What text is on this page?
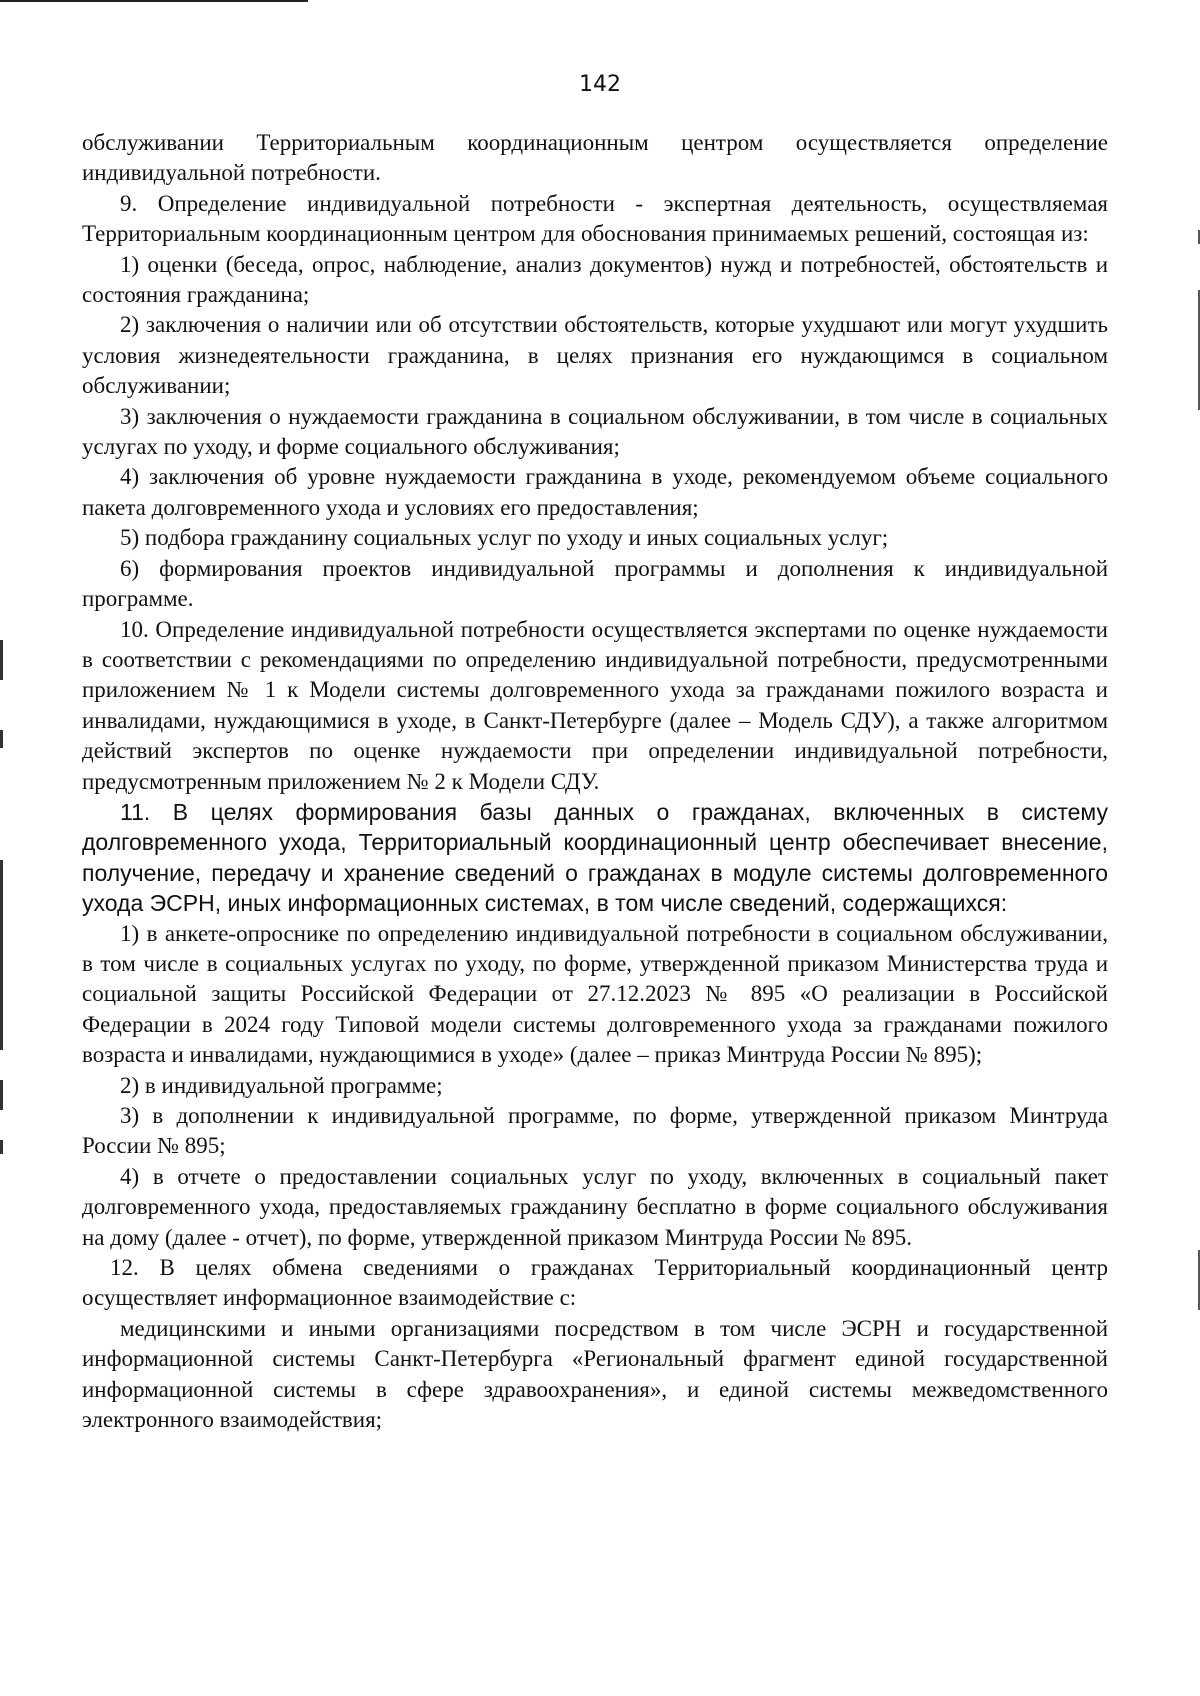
142

обслуживании Территориальным координационным центром осуществляется определение индивидуальной потребности.

9. Определение индивидуальной потребности - экспертная деятельность, осуществляемая Территориальным координационным центром для обоснования принимаемых решений, состоящая из:

1) оценки (беседа, опрос, наблюдение, анализ документов) нужд и потребностей, обстоятельств и состояния гражданина;

2) заключения о наличии или об отсутствии обстоятельств, которые ухудшают или могут ухудшить условия жизнедеятельности гражданина, в целях признания его нуждающимся в социальном обслуживании;

3) заключения о нуждаемости гражданина в социальном обслуживании, в том числе в социальных услугах по уходу, и форме социального обслуживания;

4) заключения об уровне нуждаемости гражданина в уходе, рекомендуемом объеме социального пакета долговременного ухода и условиях его предоставления;

5) подбора гражданину социальных услуг по уходу и иных социальных услуг;

6) формирования проектов индивидуальной программы и дополнения к индивидуальной программе.

10. Определение индивидуальной потребности осуществляется экспертами по оценке нуждаемости в соответствии с рекомендациями по определению индивидуальной потребности, предусмотренными приложением № 1 к Модели системы долговременного ухода за гражданами пожилого возраста и инвалидами, нуждающимися в уходе, в Санкт-Петербурге (далее – Модель СДУ), а также алгоритмом действий экспертов по оценке нуждаемости при определении индивидуальной потребности, предусмотренным приложением № 2 к Модели СДУ.

11. В целях формирования базы данных о гражданах, включенных в систему долговременного ухода, Территориальный координационный центр обеспечивает внесение, получение, передачу и хранение сведений о гражданах в модуле системы долговременного ухода ЭСРН, иных информационных системах, в том числе сведений, содержащихся:

1) в анкете-опроснике по определению индивидуальной потребности в социальном обслуживании, в том числе в социальных услугах по уходу, по форме, утвержденной приказом Министерства труда и социальной защиты Российской Федерации от 27.12.2023 № 895 «О реализации в Российской Федерации в 2024 году Типовой модели системы долговременного ухода за гражданами пожилого возраста и инвалидами, нуждающимися в уходе» (далее – приказ Минтруда России № 895);

2) в индивидуальной программе;

3) в дополнении к индивидуальной программе, по форме, утвержденной приказом Минтруда России № 895;

4) в отчете о предоставлении социальных услуг по уходу, включенных в социальный пакет долговременного ухода, предоставляемых гражданину бесплатно в форме социального обслуживания на дому (далее - отчет), по форме, утвержденной приказом Минтруда России № 895.

12. В целях обмена сведениями о гражданах Территориальный координационный центр осуществляет информационное взаимодействие с:

медицинскими и иными организациями посредством в том числе ЭСРН и государственной информационной системы Санкт-Петербурга «Региональный фрагмент единой государственной информационной системы в сфере здравоохранения», и единой системы межведомственного электронного взаимодействия;
